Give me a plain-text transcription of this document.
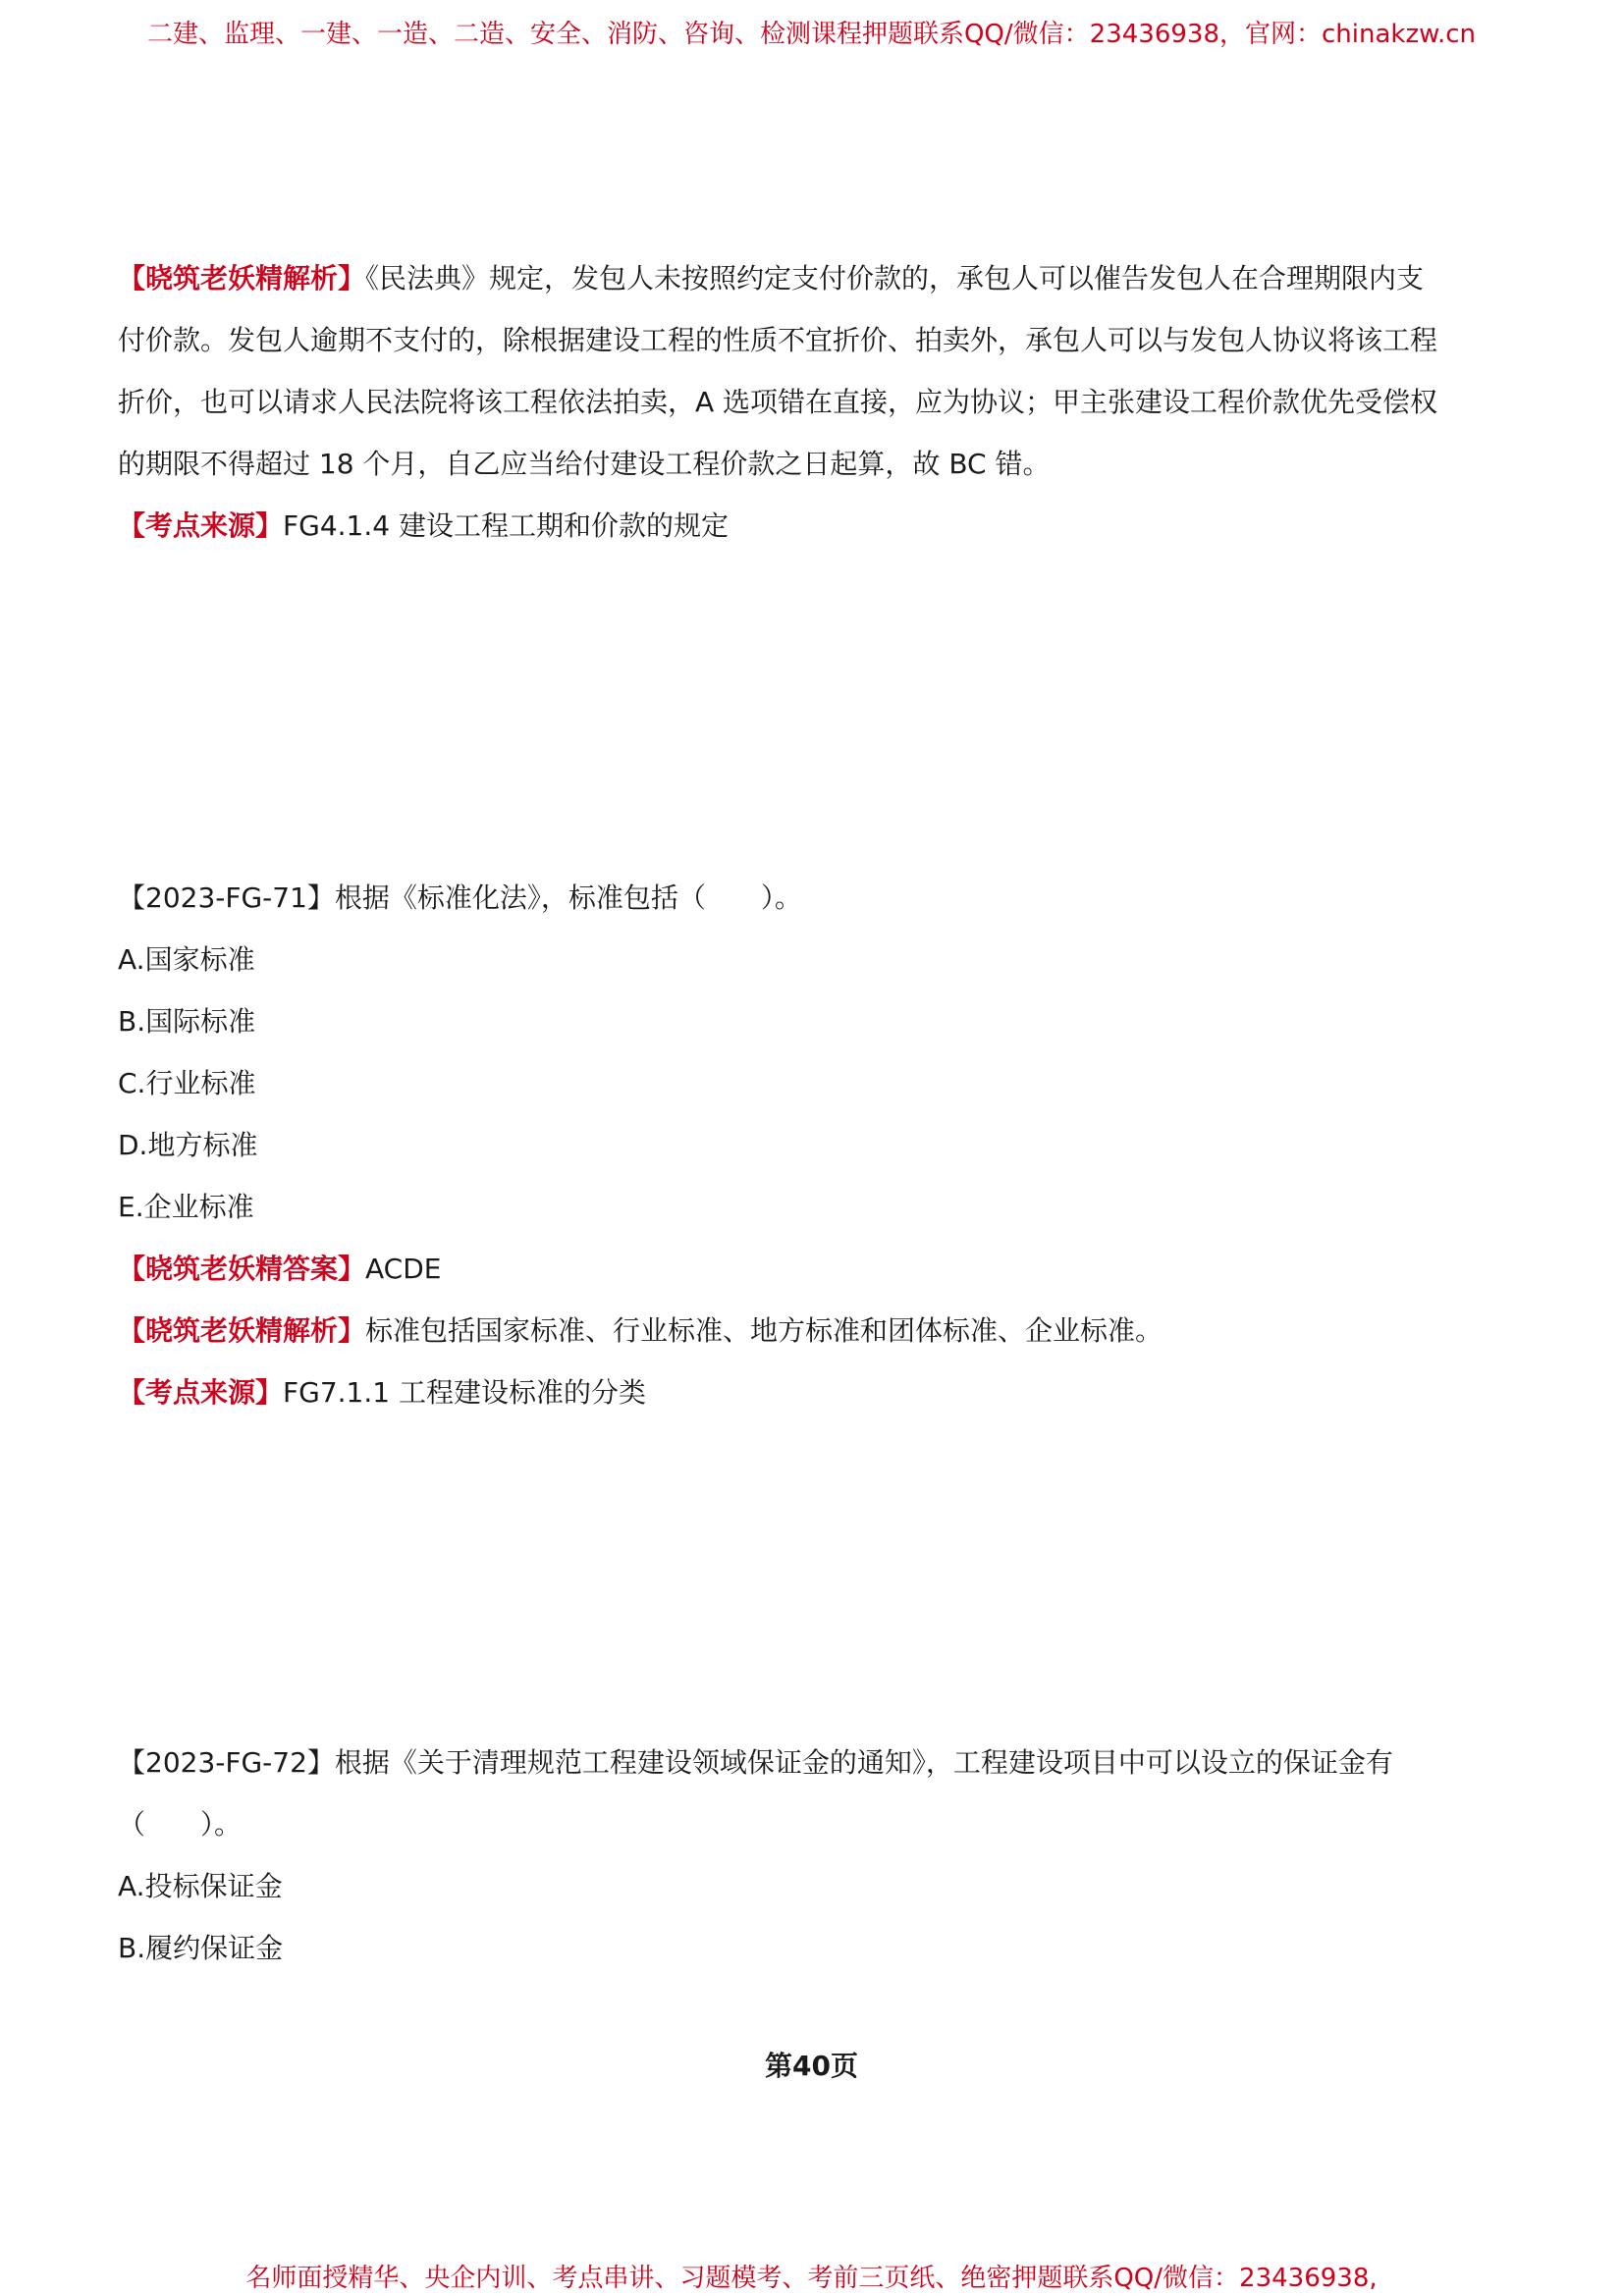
二建、监理、一建、一造、二造、安全、消防、咨询、检测课程押题联系QQ/微信：23436938，官网：chinakzw.cn
【晓筑老妖精解析】《民法典》规定，发包人未按照约定支付价款的，承包人可以催告发包人在合理期限内支
付价款。发包人逾期不支付的，除根据建设工程的性质不宜折价、拍卖外，承包人可以与发包人协议将该工程
折价，也可以请求人民法院将该工程依法拍卖，A 选项错在直接，应为协议；甲主张建设工程价款优先受偿权
的期限不得超过 18 个月，自乙应当给付建设工程价款之日起算，故 BC 错。
【考点来源】FG4.1.4 建设工程工期和价款的规定
【2023-FG-71】根据《标准化法》，标准包括（　　）。
A.国家标准
B.国际标准
C.行业标准
D.地方标准
E.企业标准
【晓筑老妖精答案】ACDE
【晓筑老妖精解析】标准包括国家标准、行业标准、地方标准和团体标准、企业标准。
【考点来源】FG7.1.1 工程建设标准的分类
【2023-FG-72】根据《关于清理规范工程建设领域保证金的通知》，工程建设项目中可以设立的保证金有
（　　）。
A.投标保证金
B.履约保证金
第40页
名师面授精华、央企内训、考点串讲、习题模考、考前三页纸、绝密押题联系QQ/微信：23436938,
